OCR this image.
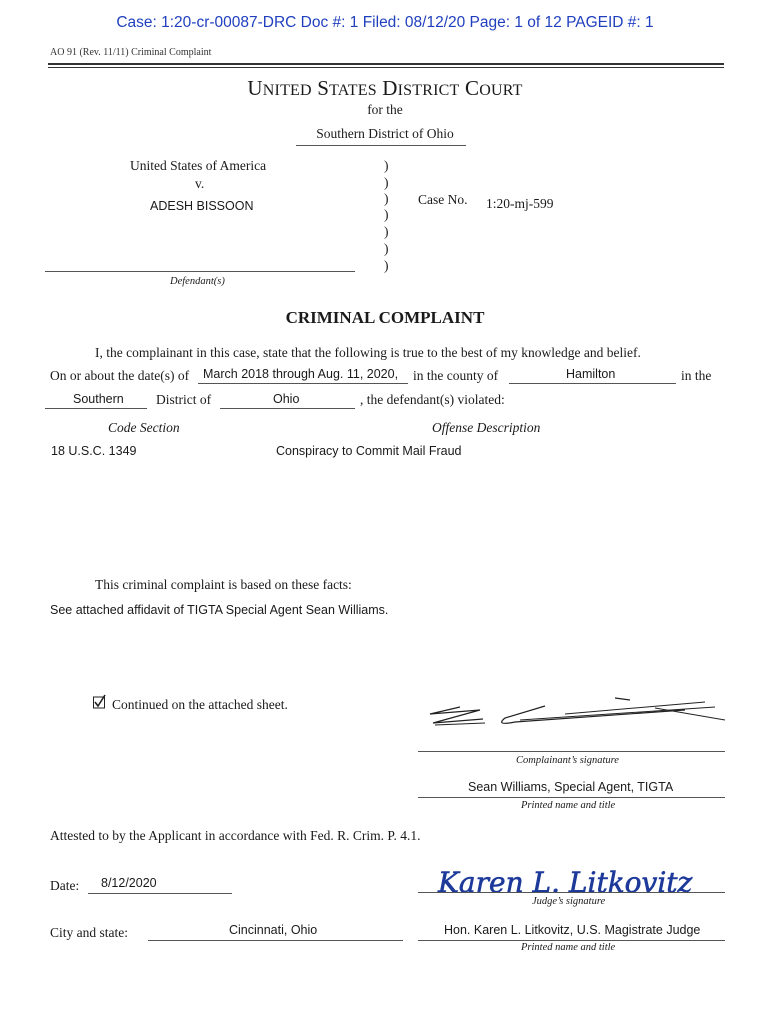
Case: 1:20-cr-00087-DRC Doc #: 1 Filed: 08/12/20 Page: 1 of 12 PAGEID #: 1
AO 91 (Rev. 11/11) Criminal Complaint
UNITED STATES DISTRICT COURT
for the
Southern District of Ohio
United States of America
v.
ADESH BISSOON
Defendant(s)
)
)
)
)
)
)
)
Case No. 1:20-mj-599
CRIMINAL COMPLAINT
I, the complainant in this case, state that the following is true to the best of my knowledge and belief.
On or about the date(s) of March 2018 through Aug. 11, 2020, in the county of	Hamilton	in the
Southern District of	Ohio	, the defendant(s) violated:
Code Section	Offense Description
18 U.S.C. 1349	Conspiracy to Commit Mail Fraud
This criminal complaint is based on these facts:
See attached affidavit of TIGTA Special Agent Sean Williams.
Continued on the attached sheet.
Complainant’s signature
Sean Williams, Special Agent, TIGTA
Printed name and title
Attested to by the Applicant in accordance with Fed. R. Crim. P. 4.1.
Date: 8/12/2020	Karen L. Litkovitz
Judge’s signature
City and state:	Cincinnati, Ohio	Hon. Karen L. Litkovitz, U.S. Magistrate Judge
Printed name and title
